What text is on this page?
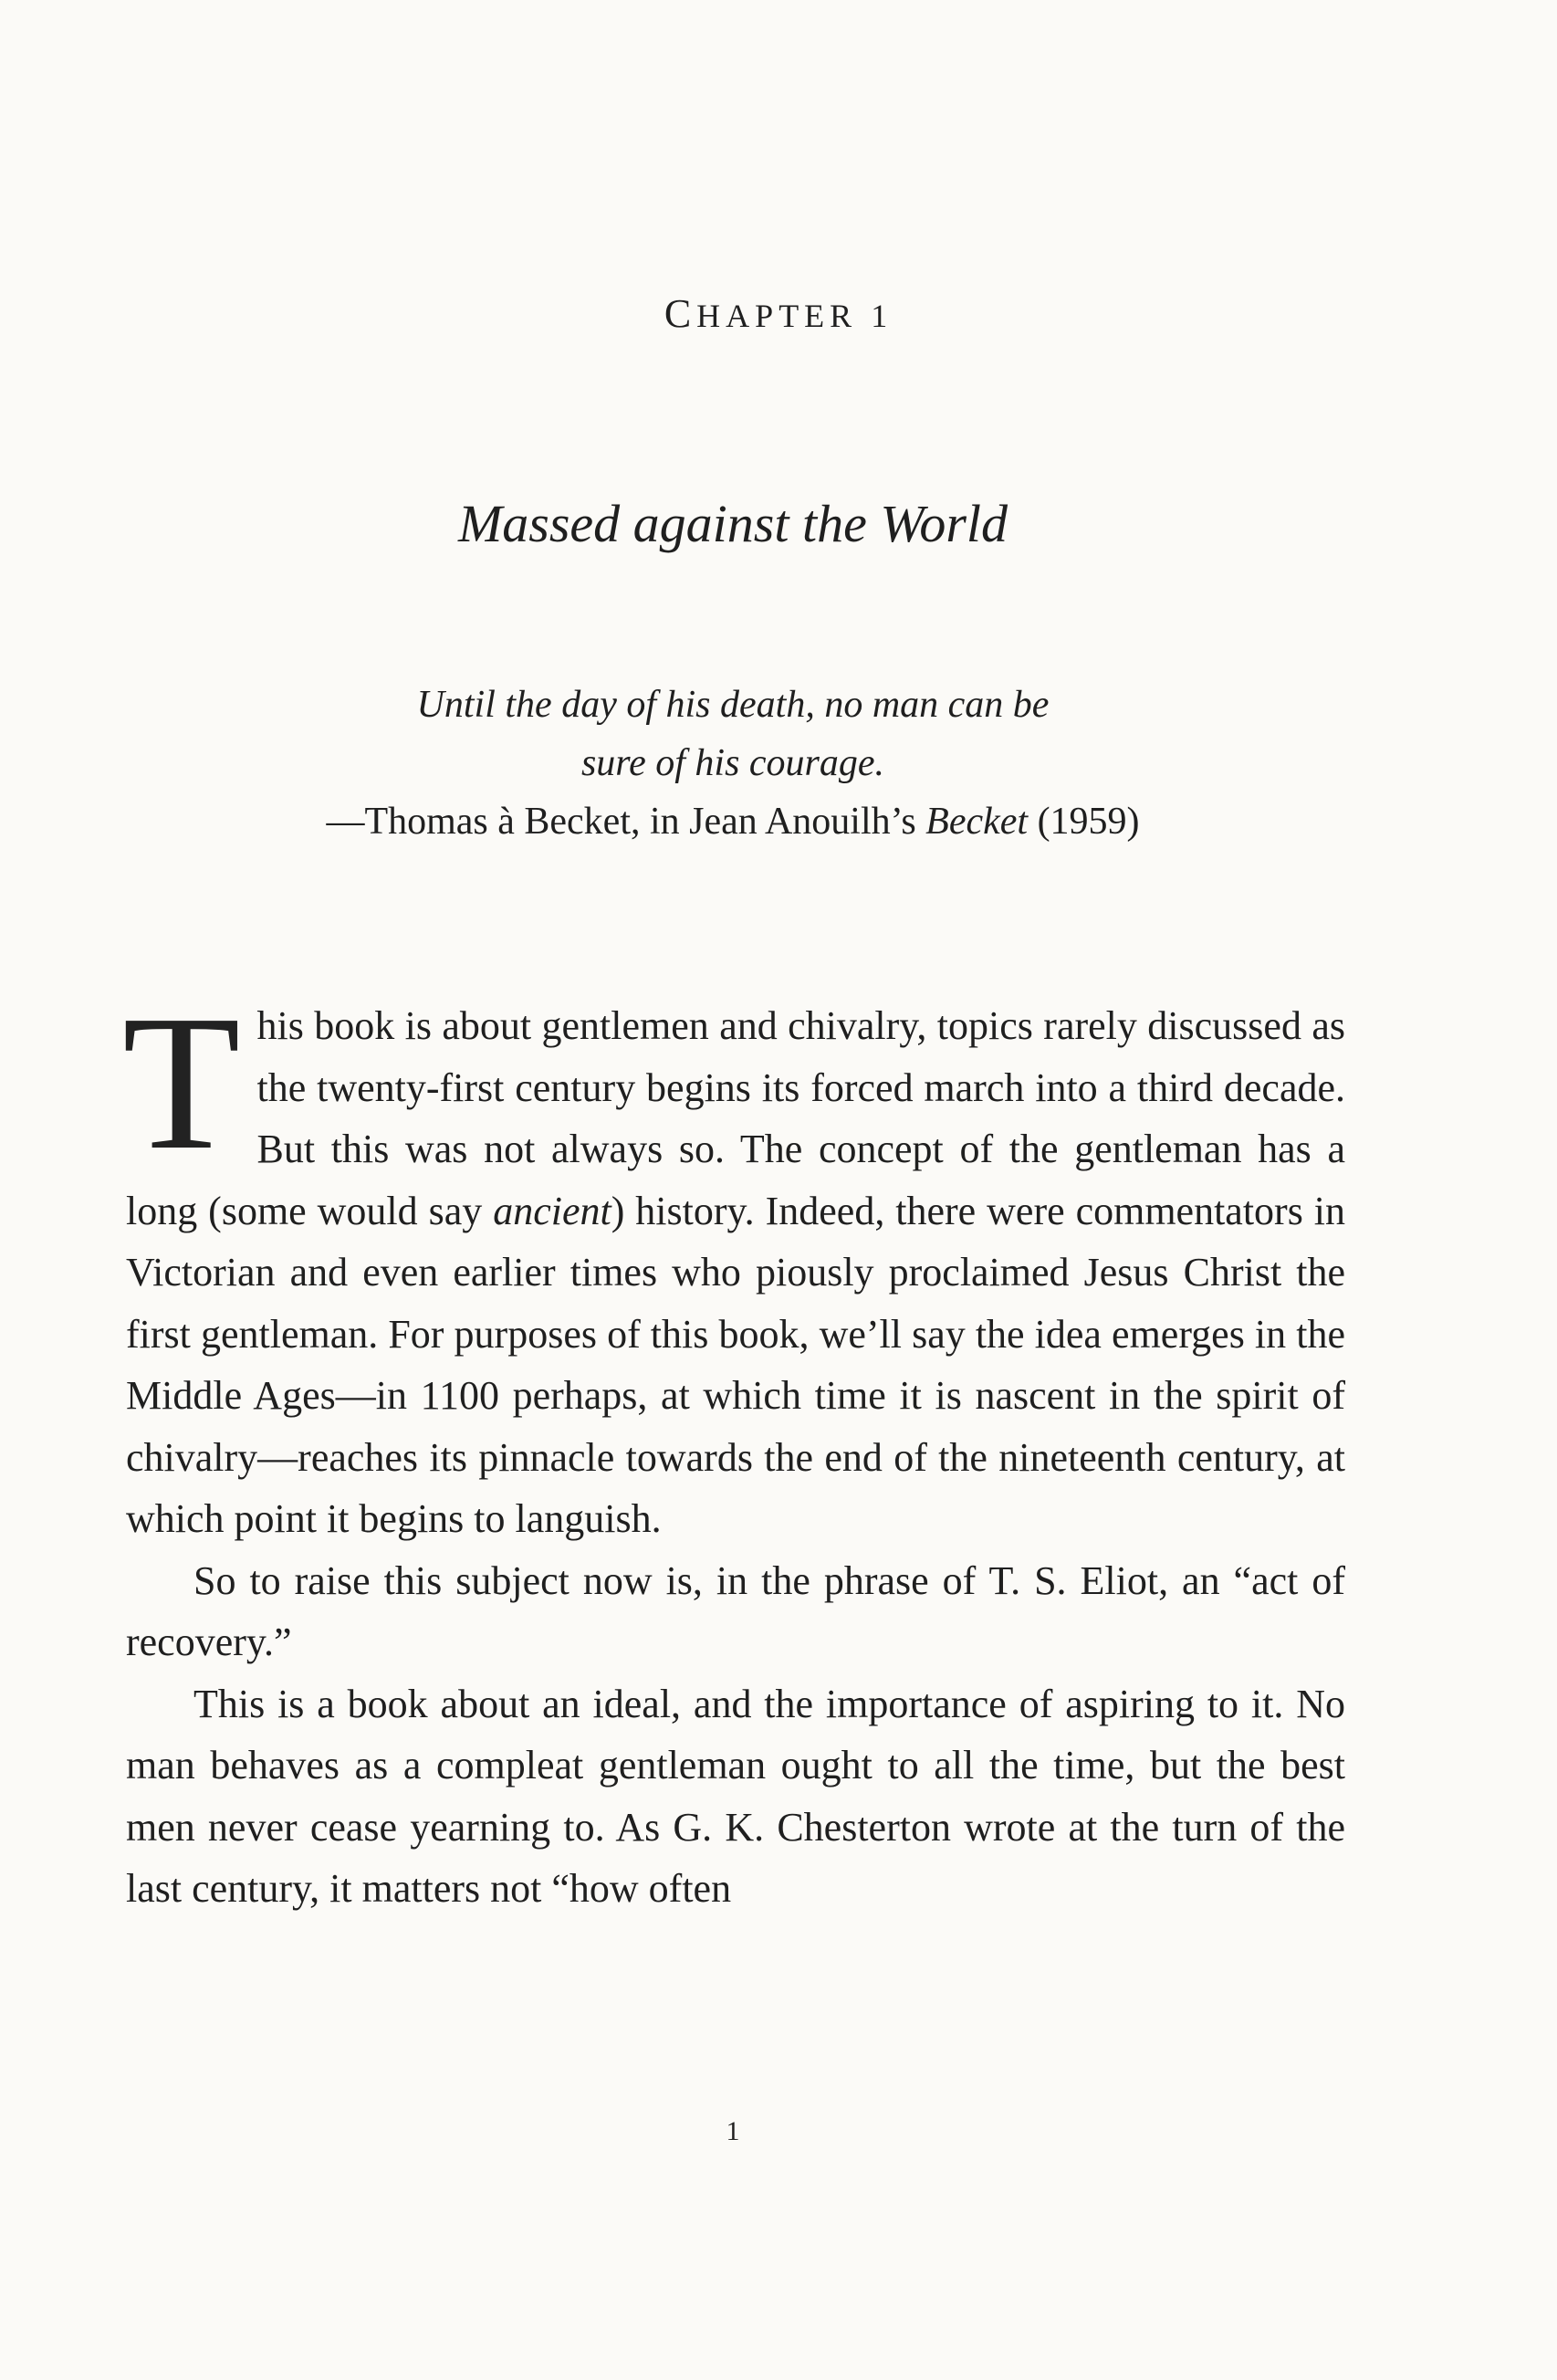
CHAPTER 1
Massed against the World
Until the day of his death, no man can be
sure of his courage.
—Thomas à Becket, in Jean Anouilh’s Becket (1959)

This book is about gentlemen and chivalry, topics rarely discussed as the twenty-first century begins its forced march into a third decade. But this was not always so. The concept of the gentleman has a long (some would say ancient) history. Indeed, there were commentators in Victorian and even earlier times who piously proclaimed Jesus Christ the first gentleman. For purposes of this book, we’ll say the idea emerges in the Middle Ages—in 1100 perhaps, at which time it is nascent in the spirit of chivalry—reaches its pinnacle towards the end of the nineteenth century, at which point it begins to languish.

So to raise this subject now is, in the phrase of T. S. Eliot, an “act of recovery.”

This is a book about an ideal, and the importance of aspiring to it. No man behaves as a compleat gentleman ought to all the time, but the best men never cease yearning to. As G. K. Chesterton wrote at the turn of the last century, it matters not “how often

1
